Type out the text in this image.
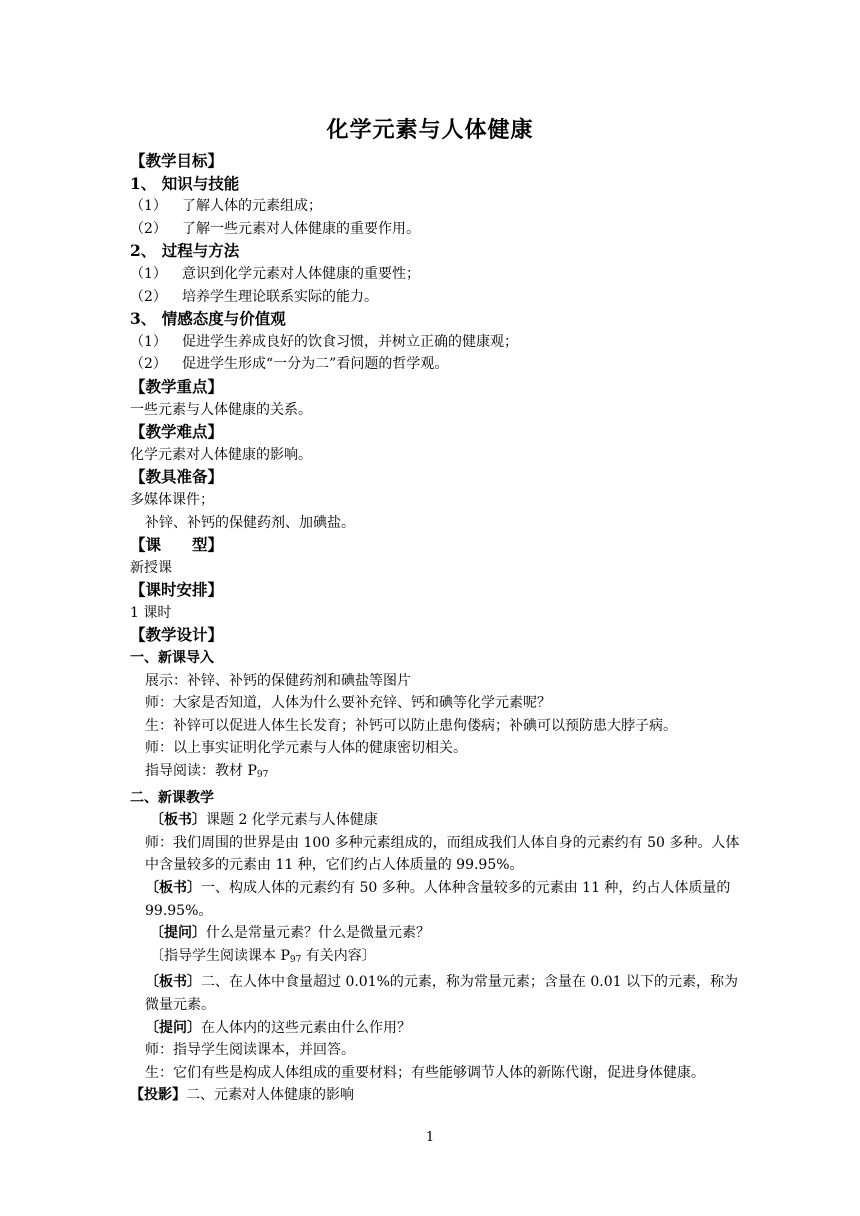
化学元素与人体健康
【教学目标】
1、 知识与技能
（1） 了解人体的元素组成；
（2） 了解一些元素对人体健康的重要作用。
2、 过程与方法
（1） 意识到化学元素对人体健康的重要性；
（2） 培养学生理论联系实际的能力。
3、 情感态度与价值观
（1） 促进学生养成良好的饮食习惯，并树立正确的健康观；
（2） 促进学生形成“一分为二”看问题的哲学观。
【教学重点】
一些元素与人体健康的关系。
【教学难点】
化学元素对人体健康的影响。
【教具准备】
多媒体课件；
补锌、补钙的保健药剂、加碘盐。
【课　　型】
新授课
【课时安排】
1 课时
【教学设计】
一、新课导入
展示：补锌、补钙的保健药剂和碘盐等图片
师：大家是否知道，人体为什么要补充锌、钙和碘等化学元素呢？
生：补锌可以促进人体生长发育；补钙可以防止患佝偻病；补碘可以预防患大脖子病。
师：以上事实证明化学元素与人体的健康密切相关。
指导阅读：教材 $P_{97}$
二、新课教学
〔板书〕课题 2 化学元素与人体健康
师：我们周围的世界是由 100 多种元素组成的，而组成我们人体自身的元素约有 50 多种。人体中含量较多的元素由 11 种，它们约占人体质量的 99.95%。
〔板书〕一、构成人体的元素约有 50 多种。人体种含量较多的元素由 11 种，约占人体质量的 99.95%。
〔提问〕什么是常量元素？什么是微量元素？
〔指导学生阅读课本 $P_{97}$ 有关内容〕
〔板书〕二、在人体中食量超过 0.01%的元素，称为常量元素；含量在 0.01 以下的元素，称为微量元素。
〔提问〕在人体内的这些元素由什么作用？
师：指导学生阅读课本，并回答。
生：它们有些是构成人体组成的重要材料；有些能够调节人体的新陈代谢，促进身体健康。
【投影】二、元素对人体健康的影响
1
